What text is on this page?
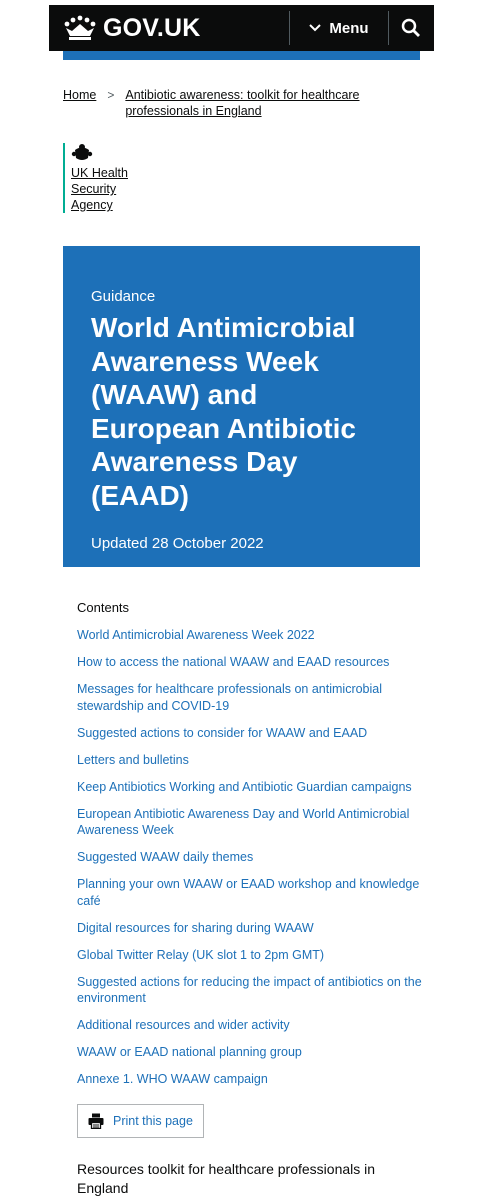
GOV.UK	Menu
Home > Antibiotic awareness: toolkit for healthcare professionals in England
UK Health
Security
Agency
Guidance
World Antimicrobial Awareness Week (WAAW) and European Antibiotic Awareness Day (EAAD)
Updated 28 October 2022
Contents
World Antimicrobial Awareness Week 2022
How to access the national WAAW and EAAD resources
Messages for healthcare professionals on antimicrobial stewardship and COVID-19
Suggested actions to consider for WAAW and EAAD
Letters and bulletins
Keep Antibiotics Working and Antibiotic Guardian campaigns
European Antibiotic Awareness Day and World Antimicrobial Awareness Week
Suggested WAAW daily themes
Planning your own WAAW or EAAD workshop and knowledge café
Digital resources for sharing during WAAW
Global Twitter Relay (UK slot 1 to 2pm GMT)
Suggested actions for reducing the impact of antibiotics on the environment
Additional resources and wider activity
WAAW or EAAD national planning group
Annexe 1. WHO WAAW campaign
Print this page
Resources toolkit for healthcare professionals in England
